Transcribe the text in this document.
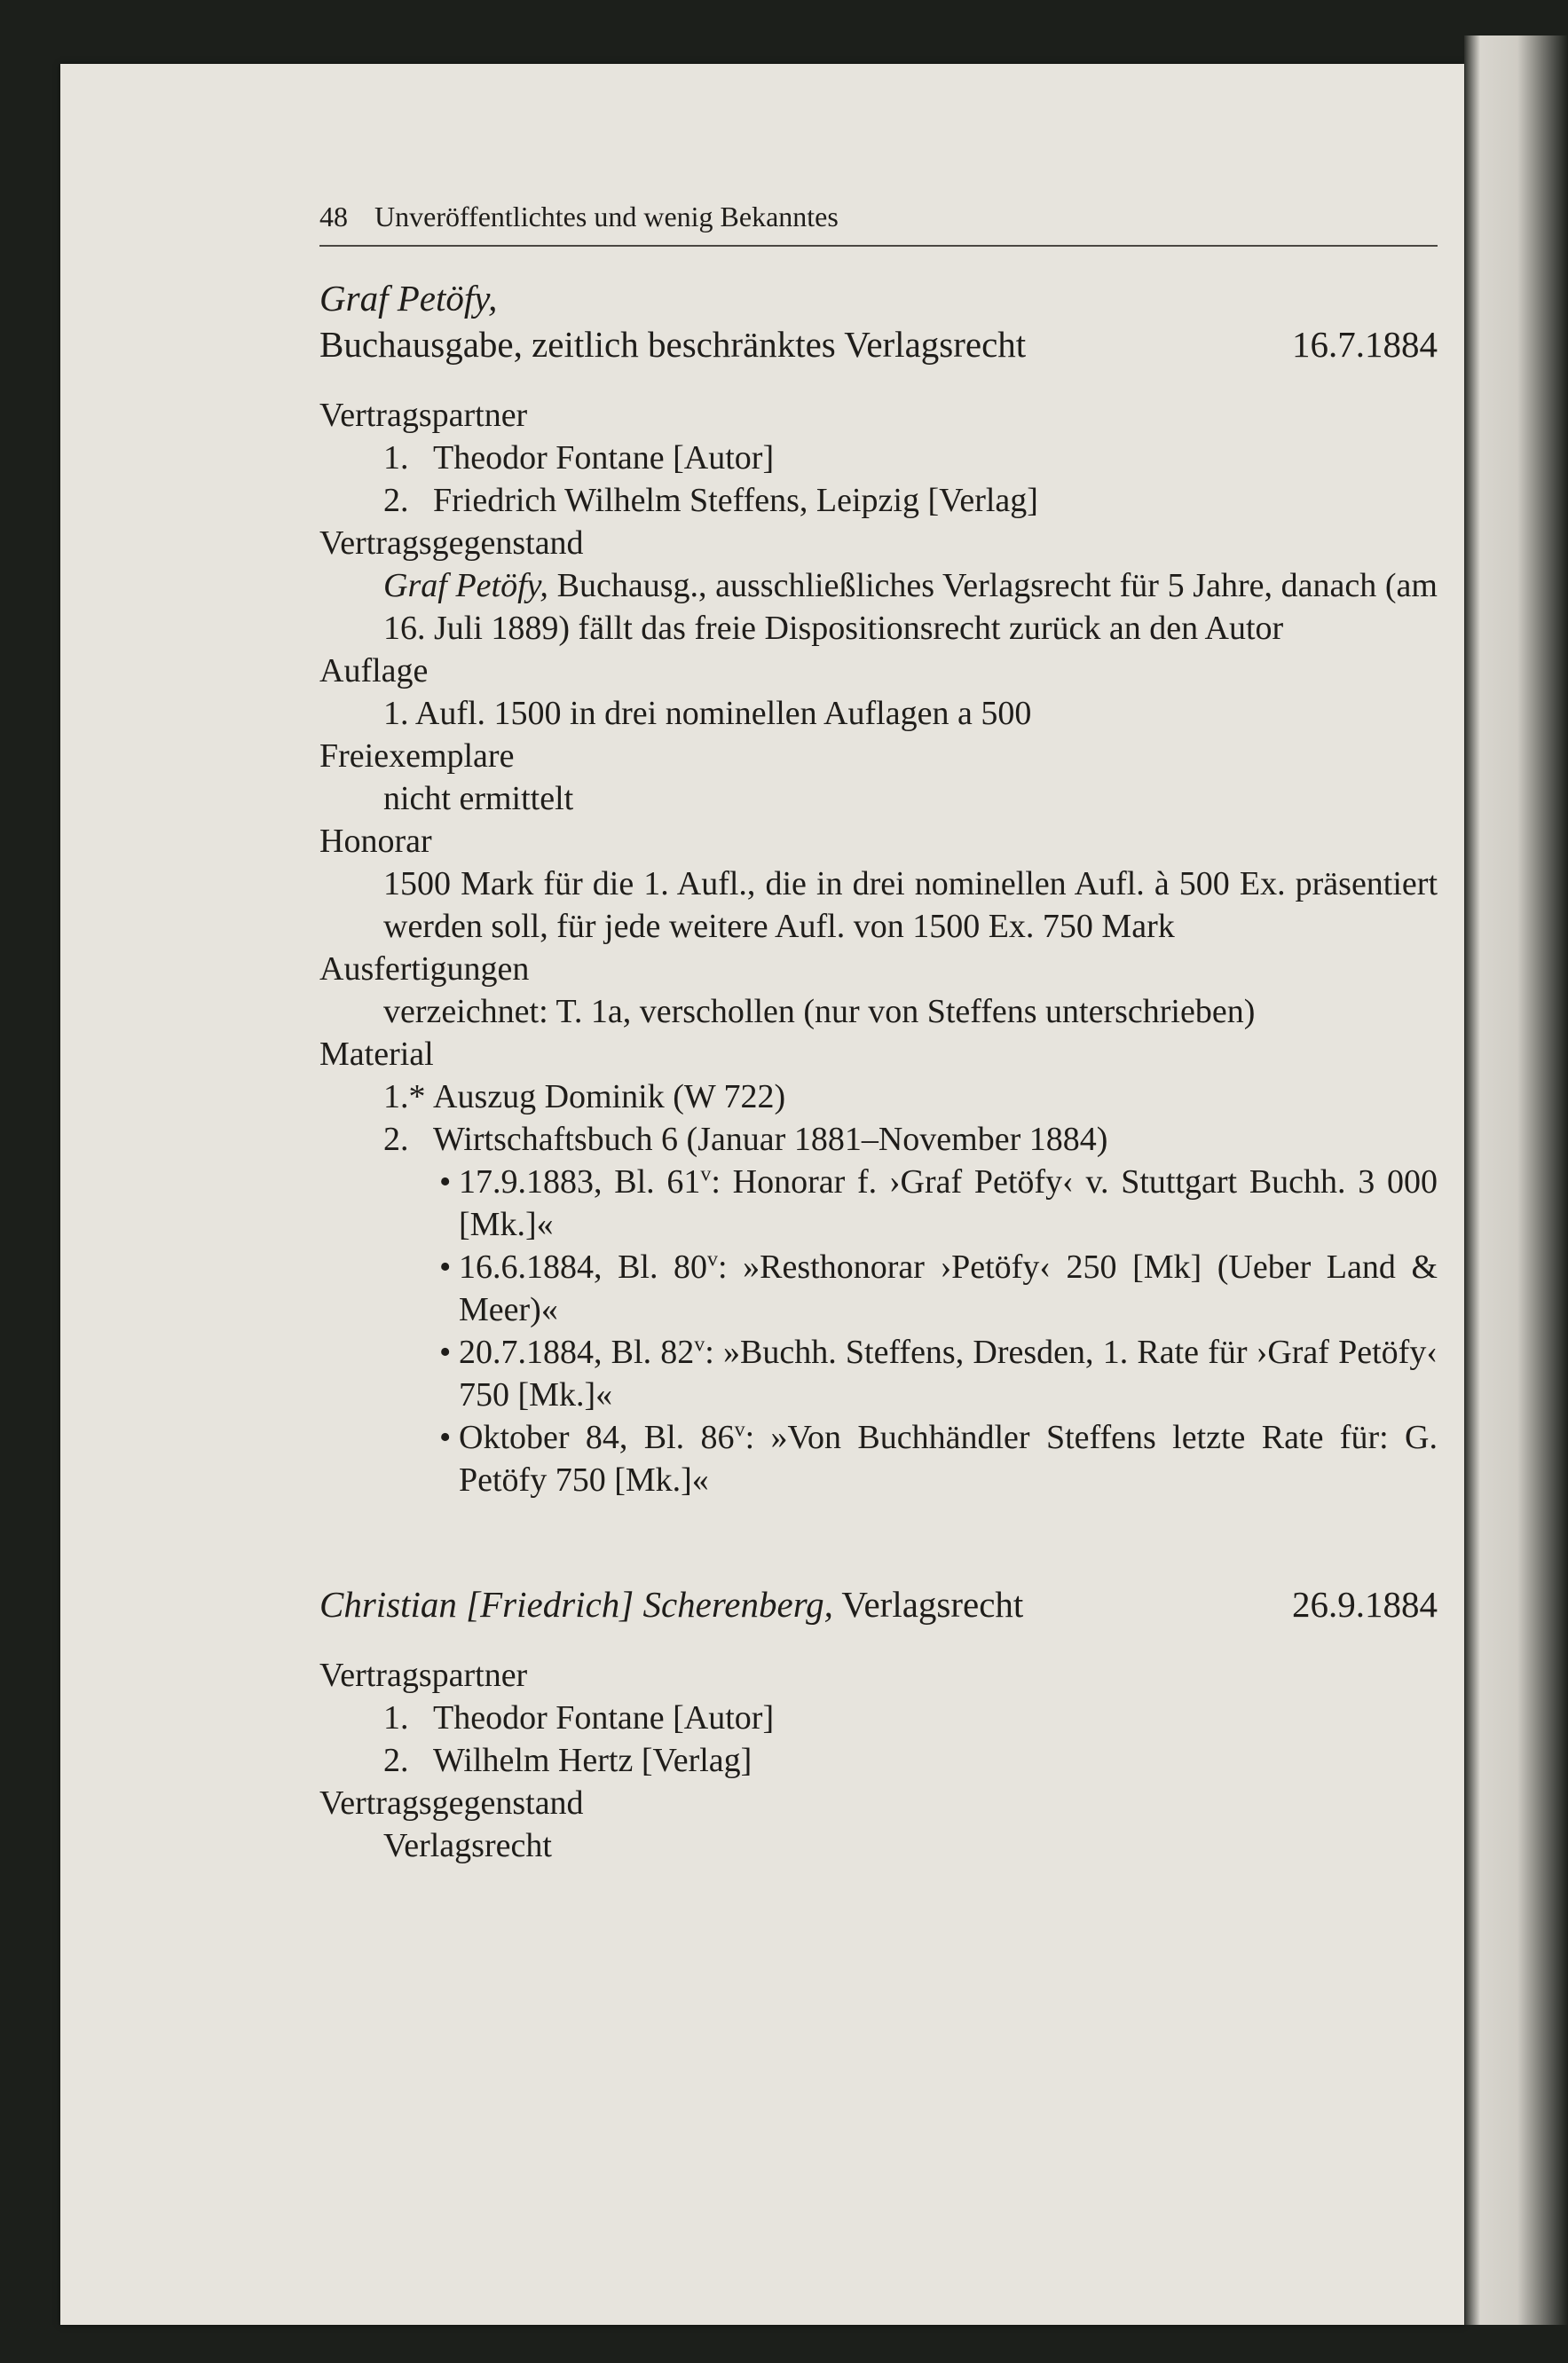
48 Unveröffentlichtes und wenig Bekanntes
Graf Petöfy,
Buchausgabe, zeitlich beschränktes Verlagsrecht	16.7.1884
Vertragspartner
1. Theodor Fontane [Autor]
2. Friedrich Wilhelm Steffens, Leipzig [Verlag]
Vertragsgegenstand
Graf Petöfy, Buchausg., ausschließliches Verlagsrecht für 5 Jahre, danach (am 16. Juli 1889) fällt das freie Dispositionsrecht zurück an den Autor
Auflage
1. Aufl. 1500 in drei nominellen Auflagen a 500
Freiexemplare
nicht ermittelt
Honorar
1500 Mark für die 1. Aufl., die in drei nominellen Aufl. à 500 Ex. präsentiert werden soll, für jede weitere Aufl. von 1500 Ex. 750 Mark
Ausfertigungen
verzeichnet: T. 1a, verschollen (nur von Steffens unterschrieben)
Material
1.* Auszug Dominik (W 722)
2. Wirtschaftsbuch 6 (Januar 1881–November 1884)
• 17.9.1883, Bl. 61$^v$: Honorar f. ›Graf Petöfy‹ v. Stuttgart Buchh. 3 000 [Mk.]«
• 16.6.1884, Bl. 80$^v$: »Resthonorar ›Petöfy‹ 250 [Mk] (Ueber Land & Meer)«
• 20.7.1884, Bl. 82$^v$: »Buchh. Steffens, Dresden, 1. Rate für ›Graf Petöfy‹ 750 [Mk.]«
• Oktober 84, Bl. 86$^v$: »Von Buchhändler Steffens letzte Rate für: G. Petöfy 750 [Mk.]«
Christian [Friedrich] Scherenberg, Verlagsrecht	26.9.1884
Vertragspartner
1. Theodor Fontane [Autor]
2. Wilhelm Hertz [Verlag]
Vertragsgegenstand
Verlagsrecht
